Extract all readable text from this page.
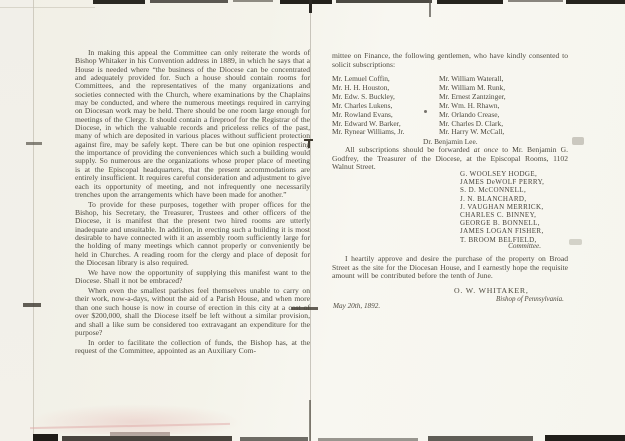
In making this appeal the Committee can only reiterate the words of Bishop Whitaker in his Convention address in 1889, in which he says that a House is needed where “the business of the Diocese can be concentrated and adequately provided for. Such a house should contain rooms for Committees, and the representatives of the many organizations and societies connected with the Church, where examinations by the Chaplains may be conducted, and where the numerous meetings required in carrying on Diocesan work may be held. There should be one room large enough for meetings of the Clergy. It should contain a fireproof for the Registrar of the Diocese, in which the valuable records and priceless relics of the past, many of which are deposited in various places without sufficient protection against fire, may be safely kept. There can be but one opinion respecting the importance of providing the conveniences which such a building would supply. So numerous are the organizations whose proper place of meeting is at the Episcopal headquarters, that the present accommodations are entirely insufficient. It requires careful consideration and adjustment to give each its opportunity of meeting, and not infrequently one necessarily trenches upon the arrangements which have been made for another.”

To provide for these purposes, together with proper offices for the Bishop, his Secretary, the Treasurer, Trustees and other officers of the Diocese, it is manifest that the present two hired rooms are utterly inadequate and unsuitable. In addition, in erecting such a building it is most desirable to have connected with it an assembly room sufficiently large for the holding of many meetings which cannot properly or conveniently be held in Churches. A reading room for the clergy and place of deposit for the Diocesan library is also required.

We have now the opportunity of supplying this manifest want to the Diocese. Shall it not be embraced?

When even the smallest parishes feel themselves unable to carry on their work, now-a-days, without the aid of a Parish House, and when more than one such house is now in course of erection in this city at a cost of over $200,000, shall the Diocese itself be left without a similar provision, and shall a like sum be considered too extravagant an expenditure for the purpose?

In order to facilitate the collection of funds, the Bishop has, at the request of the Committee, appointed as an Auxiliary Com-

mittee on Finance, the following gentlemen, who have kindly consented to solicit subscriptions:

Mr. Lemuel Coffin,
Mr. H. H. Houston,
Mr. Edw. S. Buckley,
Mr. Charles Lukens,
Mr. Rowland Evans,
Mr. Edward W. Barker,
Mr. Rynear Williams, Jr.
Mr. William Waterall,
Mr. William M. Runk,
Mr. Ernest Zantzinger,
Mr. Wm. H. Rhawn,
Mr. Orlando Crease,
Mr. Charles D. Clark,
Mr. Harry W. McCall,
Dr. Benjamin Lee.

All subscriptions should be forwarded at once to Mr. Benjamin G. Godfrey, the Treasurer of the Diocese, at the Episcopal Rooms, 1102 Walnut Street.

G. WOOLSEY HODGE,
JAMES DeWOLF PERRY,
S. D. McCONNELL,
J. N. BLANCHARD,
J. VAUGHAN MERRICK,
CHARLES C. BINNEY,
GEORGE B. BONNELL,
JAMES LOGAN FISHER,
T. BROOM BELFIELD,
Committee.

I heartily approve and desire the purchase of the property on Broad Street as the site for the Diocesan House, and I earnestly hope the requisite amount will be contributed before the tenth of June.

O. W. WHITAKER,
Bishop of Pennsylvania.
May 20th, 1892.
